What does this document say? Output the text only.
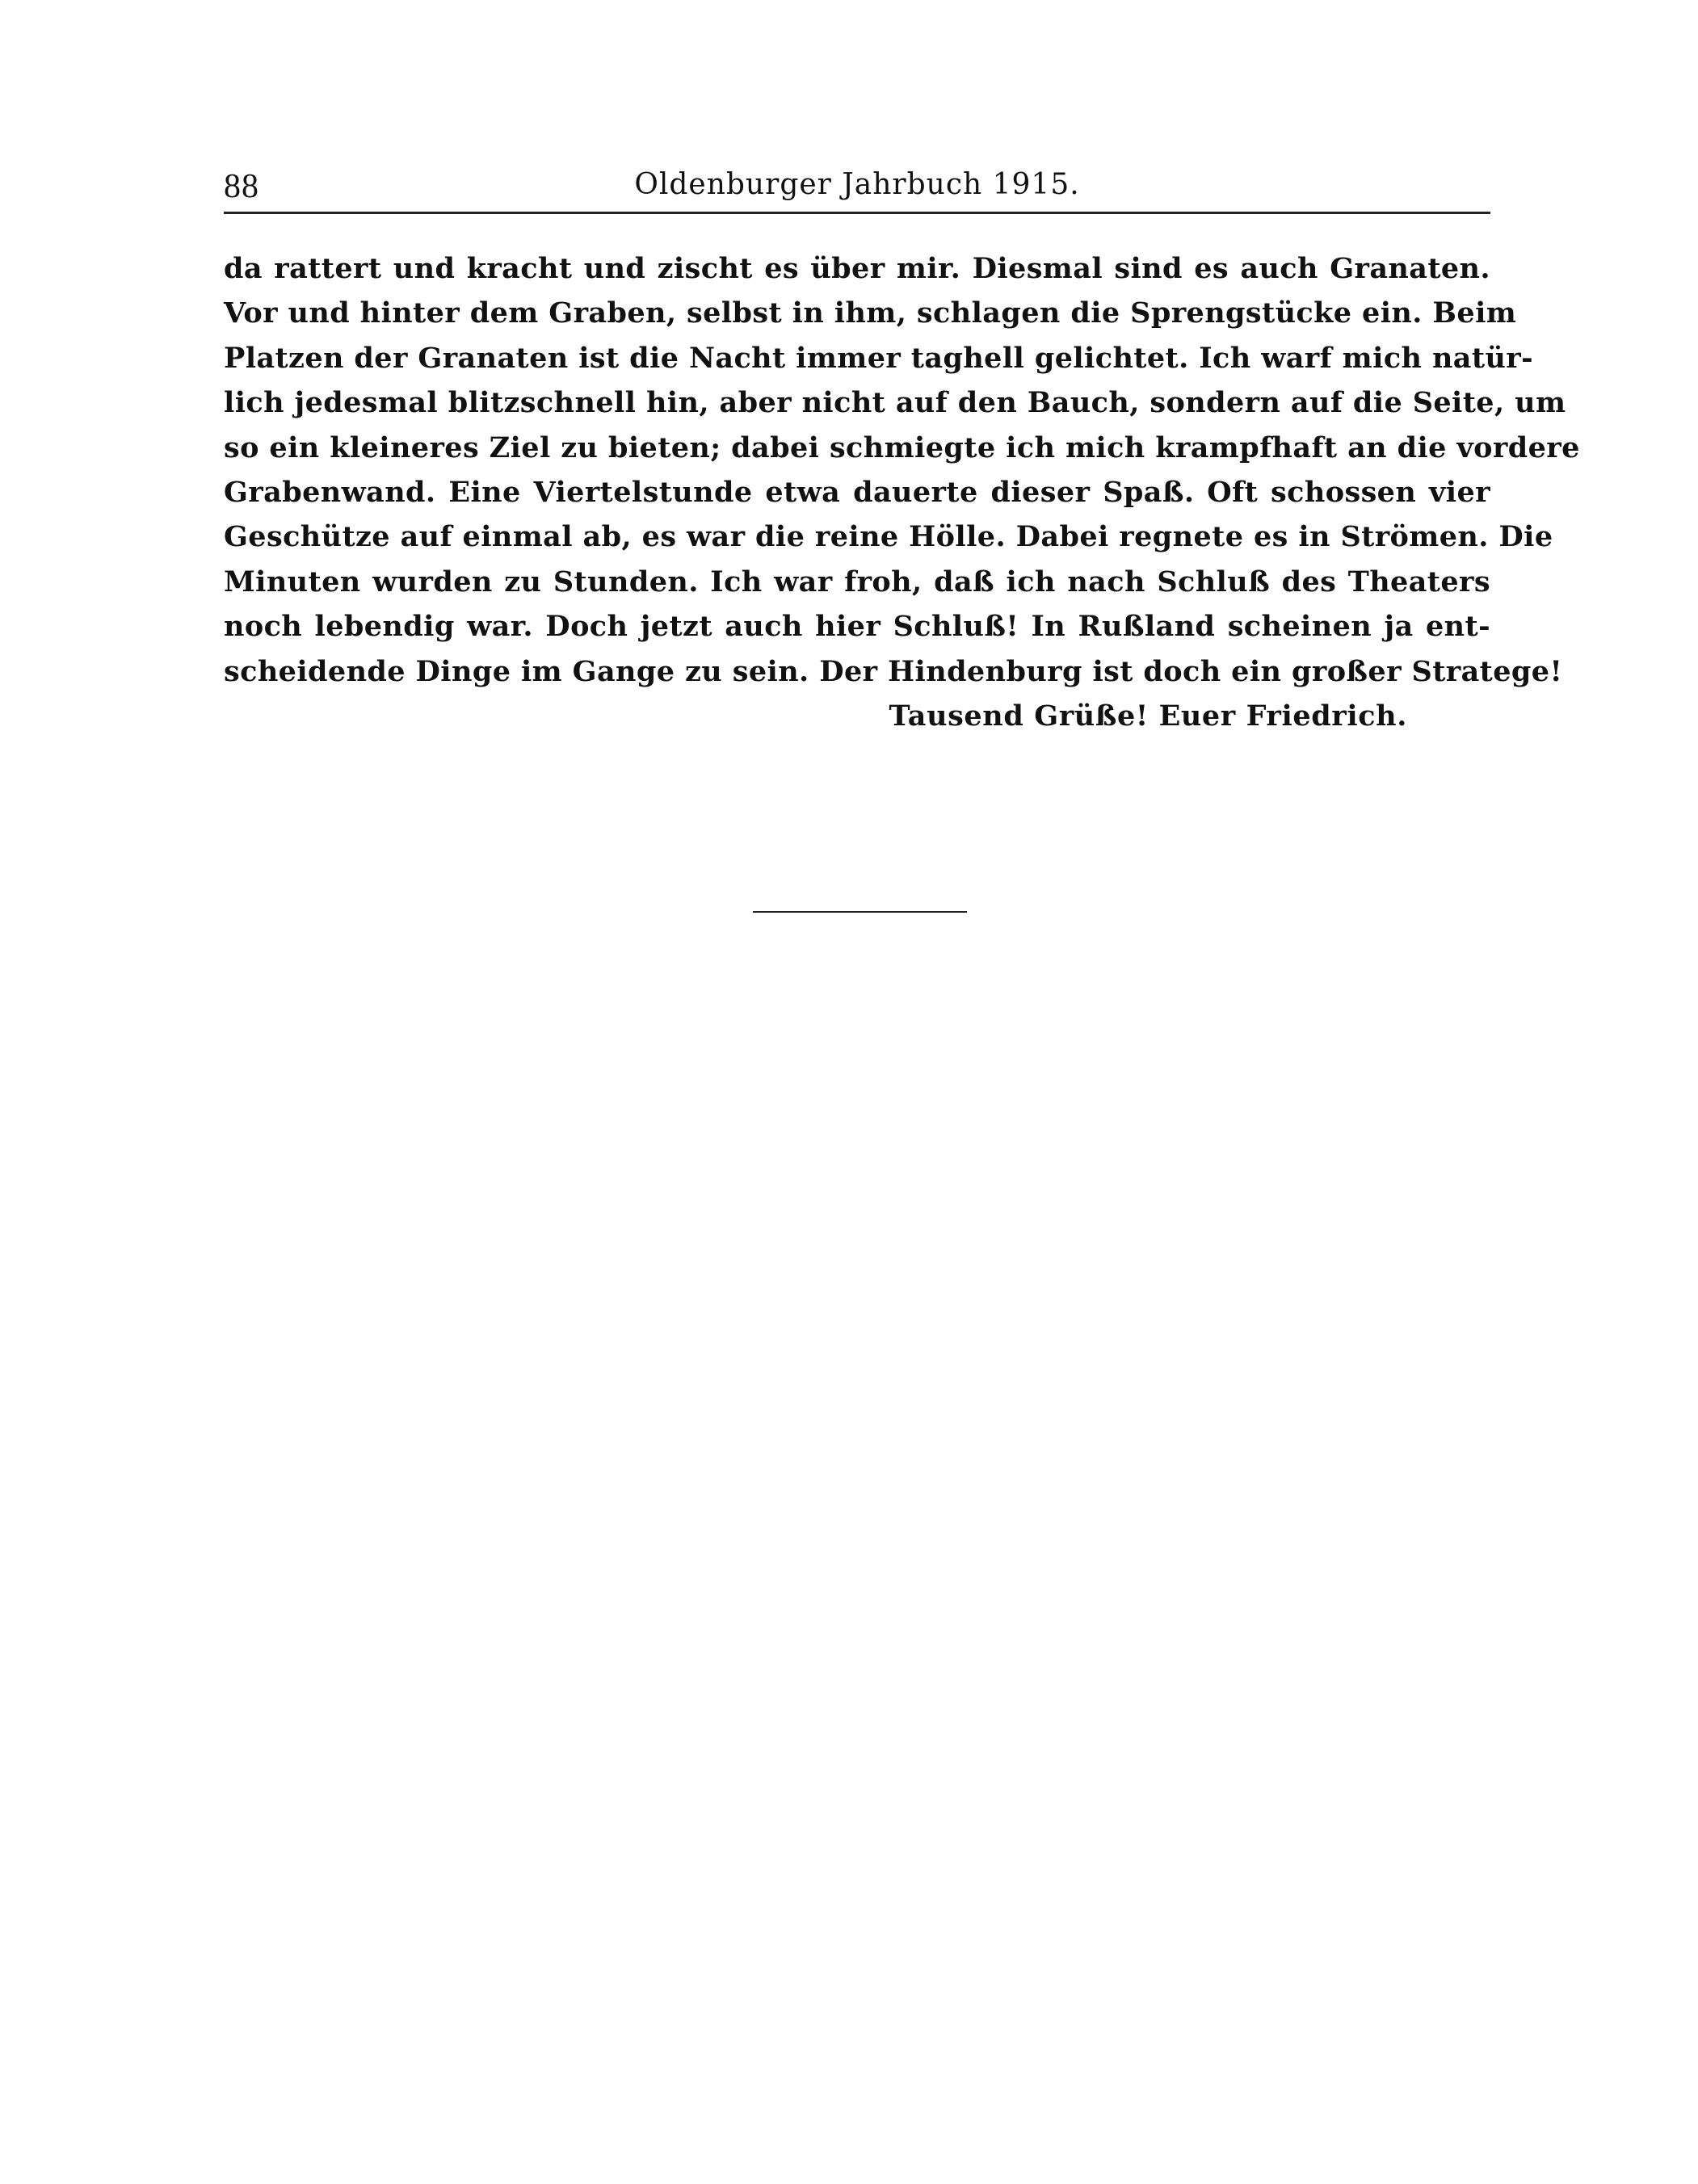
88	Oldenburger Jahrbuch 1915.
da rattert und kracht und zischt es über mir. Diesmal sind es auch Granaten.
Vor und hinter dem Graben, selbst in ihm, schlagen die Sprengstücke ein. Beim
Platzen der Granaten ist die Nacht immer taghell gelichtet. Ich warf mich natür-
lich jedesmal blitzschnell hin, aber nicht auf den Bauch, sondern auf die Seite, um
so ein kleineres Ziel zu bieten; dabei schmiegte ich mich krampfhaft an die vordere
Grabenwand. Eine Viertelstunde etwa dauerte dieser Spaß. Oft schossen vier
Geschütze auf einmal ab, es war die reine Hölle. Dabei regnete es in Strömen. Die
Minuten wurden zu Stunden. Ich war froh, daß ich nach Schluß des Theaters
noch lebendig war. Doch jetzt auch hier Schluß! In Rußland scheinen ja ent-
scheidende Dinge im Gange zu sein. Der Hindenburg ist doch ein großer Stratege!
Tausend Grüße! Euer Friedrich.
